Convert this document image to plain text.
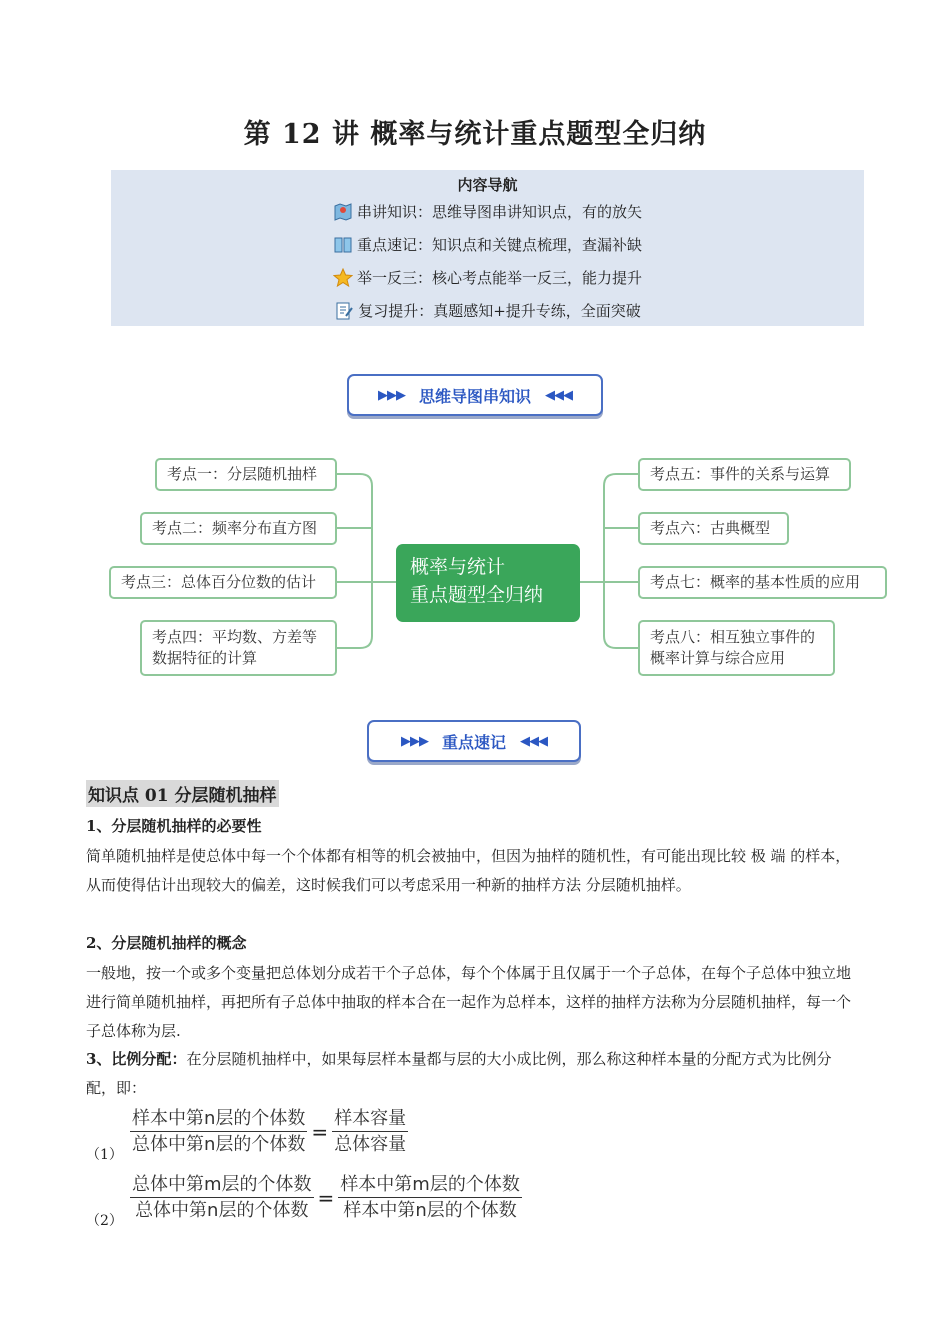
第 12 讲 概率与统计重点题型全归纳
内容导航
串讲知识：思维导图串讲知识点，有的放矢
重点速记：知识点和关键点梳理，查漏补缺
举一反三：核心考点能举一反三，能力提升
复习提升：真题感知+提升专练，全面突破
▶▶▶ 思维导图串知识 ◀◀◀
考点一：分层随机抽样
考点二：频率分布直方图
考点三：总体百分位数的估计
考点四：平均数、方差等数据特征的计算
概率与统计
重点题型全归纳
考点五：事件的关系与运算
考点六：古典概型
考点七：概率的基本性质的应用
考点八：相互独立事件的概率计算与综合应用
▶▶▶ 重点速记 ◀◀◀
知识点 01 分层随机抽样
1、分层随机抽样的必要性
简单随机抽样是使总体中每一个个体都有相等的机会被抽中，但因为抽样的随机性，有可能出现比较 极 端 的样本，从而使得估计出现较大的偏差，这时候我们可以考虑采用一种新的抽样方法 分层随机抽样。
2、分层随机抽样的概念
一般地，按一个或多个变量把总体划分成若干个子总体，每个个体属于且仅属于一个子总体，在每个子总体中独立地进行简单随机抽样，再把所有子总体中抽取的样本合在一起作为总样本，这样的抽样方法称为分层随机抽样，每一个子总体称为层.
3、比例分配：在分层随机抽样中，如果每层样本量都与层的大小成比例，那么称这种样本量的分配方式为比例分配，即：
$(1) \frac{\text{样本中第n层的个体数}}{\text{总体中第n层的个体数}} = \frac{\text{样本容量}}{\text{总体容量}}$
$(2) \frac{\text{总体中第m层的个体数}}{\text{总体中第n层的个体数}} = \frac{\text{样本中第m层的个体数}}{\text{样本中第n层的个体数}}$
